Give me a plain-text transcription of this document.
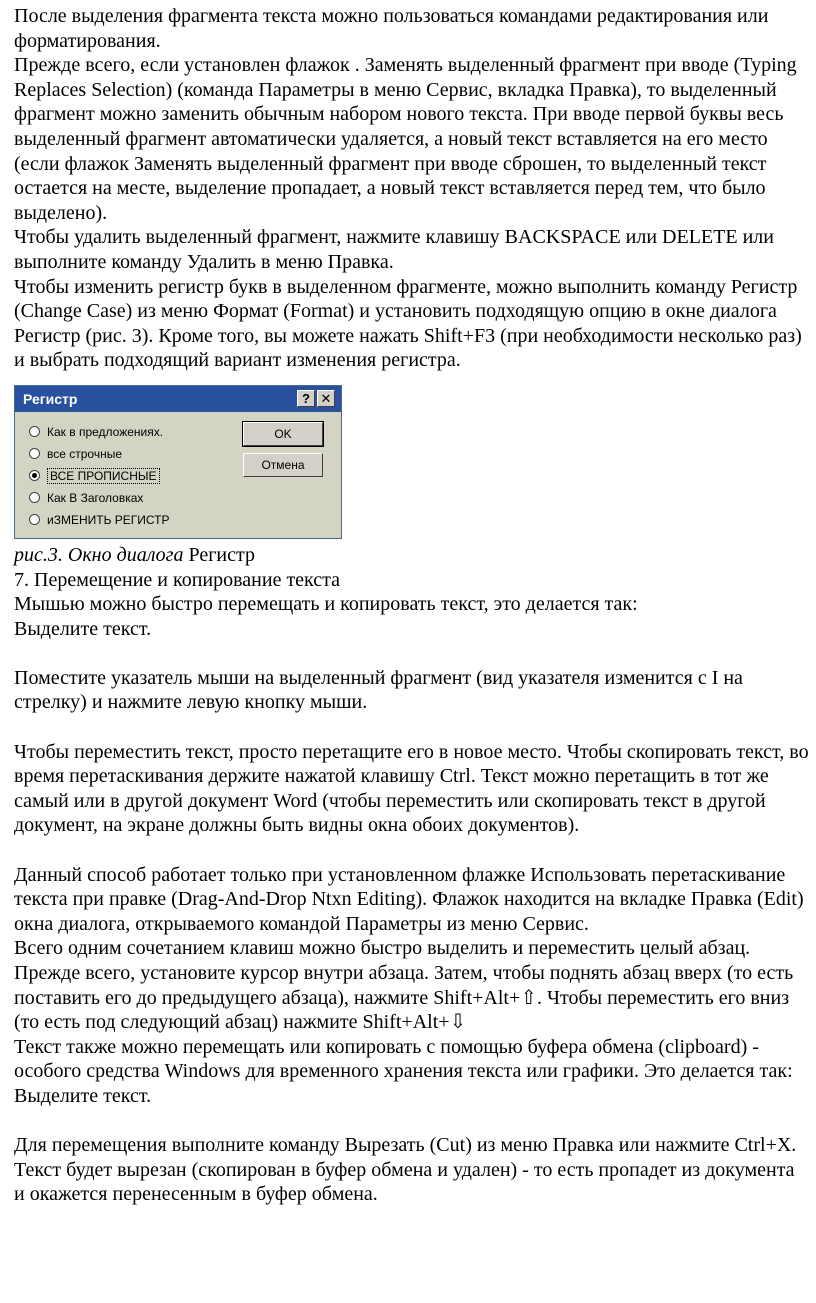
После выделения фрагмента текста можно пользоваться командами редактирования или форматирования.

Прежде всего, если установлен флажок . Заменять выделенный фрагмент при вводе (Typing Replaces Selection) (команда Параметры в меню Сервис, вкладка Правка), то выделенный фрагмент можно заменить обычным набором нового текста. При вводе первой буквы весь выделенный фрагмент автоматически удаляется, а новый текст вставляется на его место (если флажок Заменять выделенный фрагмент при вводе сброшен, то выделенный текст остается на месте, выделение пропадает, а новый текст вставляется перед тем, что было выделено).

Чтобы удалить выделенный фрагмент, нажмите клавишу BACKSPACE или DELETE или выполните команду Удалить в меню Правка.

Чтобы изменить регистр букв в выделенном фрагменте, можно выполнить команду Регистр (Change Case) из меню Формат (Format) и установить подходящую опцию в окне диалога Регистр (рис. 3). Кроме того, вы можете нажать Shift+F3 (при необходимости несколько раз) и выбрать подходящий вариант изменения регистра.

Регистр	? ✕
Как в предложениях.
все строчные
ВСЕ ПРОПИСНЫЕ
Как В Заголовках
иЗМЕНИТЬ РЕГИСТР
OK
Отмена

рис.3. Окно диалога Регистр

7. Перемещение и копирование текста

Мышью можно быстро перемещать и копировать текст, это делается так:

Выделите текст.

Поместите указатель мыши на выделенный фрагмент (вид указателя изменится с I на стрелку) и нажмите левую кнопку мыши.

Чтобы переместить текст, просто перетащите его в новое место. Чтобы скопировать текст, во время перетаскивания держите нажатой клавишу Ctrl. Текст можно перетащить в тот же самый или в другой документ Word (чтобы переместить или скопировать текст в другой документ, на экране должны быть видны окна обоих документов).

Данный способ работает только при установленном флажке Использовать перетаскивание текста при правке (Drag-And-Drop Ntxn Editing). Флажок находится на вкладке Правка (Edit) окна диалога, открываемого командой Параметры из меню Сервис.

Всего одним сочетанием клавиш можно быстро выделить и переместить целый абзац. Прежде всего, установите курсор внутри абзаца. Затем, чтобы поднять абзац вверх (то есть поставить его до предыдущего абзаца), нажмите Shift+Alt+⇧. Чтобы переместить его вниз (то есть под следующий абзац) нажмите Shift+Alt+⇩

Текст также можно перемещать или копировать с помощью буфера обмена (clipboard) - особого средства Windows для временного хранения текста или графики. Это делается так:

Выделите текст.

Для перемещения выполните команду Вырезать (Cut) из меню Правка или нажмите Ctrl+X. Текст будет вырезан (скопирован в буфер обмена и удален) - то есть пропадет из документа и окажется перенесенным в буфер обмена.
